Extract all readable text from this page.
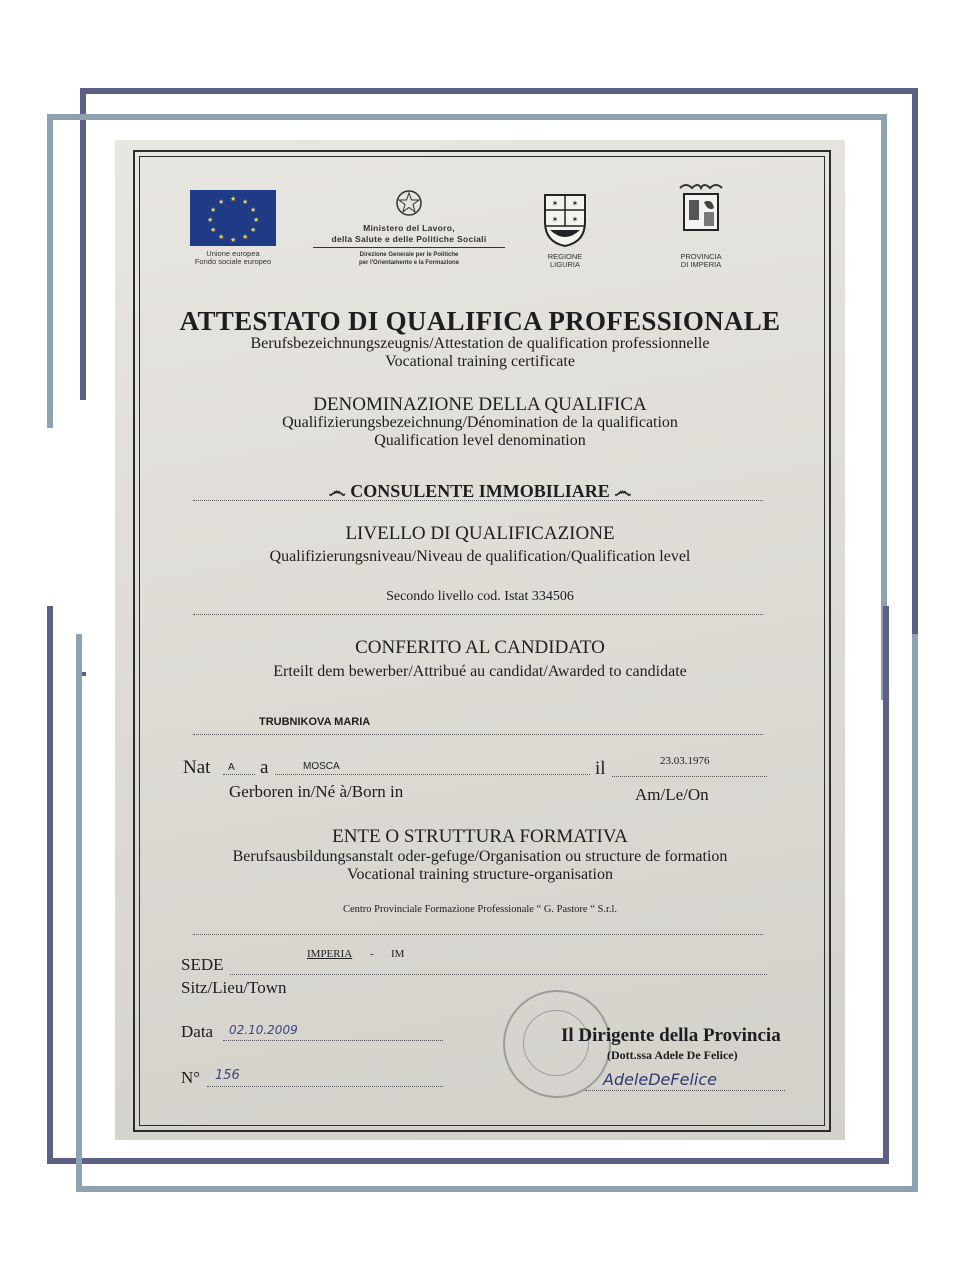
★ ★
★
★
★
★
★
★
★
★
★
★
Unione europea
Fondo sociale europeo
Ministero del Lavoro,
della Salute e delle Politiche Sociali
Direzione Generale per le Politiche
per l'Orientamento e la Formazione
✶ ✶
✶ ✶
REGIONE
LIGURIA
PROVINCIA
DI IMPERIA
ATTESTATO DI QUALIFICA PROFESSIONALE
Berufsbezeichnungszeugnis/Attestation de qualification professionnelle
Vocational training certificate
DENOMINAZIONE DELLA QUALIFICA
Qualifizierungsbezeichnung/Dénomination de la qualification
Qualification level denomination
෴ CONSULENTE IMMOBILIARE ෴
LIVELLO DI QUALIFICAZIONE
Qualifizierungsniveau/Niveau de qualification/Qualification level
Secondo livello cod. Istat 334506
CONFERITO AL CANDIDATO
Erteilt dem bewerber/Attribué au candidat/Awarded to candidate
TRUBNIKOVA MARIA
Nat A a	MOSCA	il	23.03.1976
Gerboren in/Né à/Born in	Am/Le/On
ENTE O STRUTTURA FORMATIVA
Berufsausbildungsanstalt oder-gefuge/Organisation ou structure de formation
Vocational training structure-organisation
Centro Provinciale Formazione Professionale “ G. Pastore “ S.r.l.
SEDE
IMPERIA - IM
Sitz/Lieu/Town
Data 02.10.2009
N° 156
Il Dirigente della Provincia
(Dott.ssa Adele De Felice)
AdeleDeFelice
